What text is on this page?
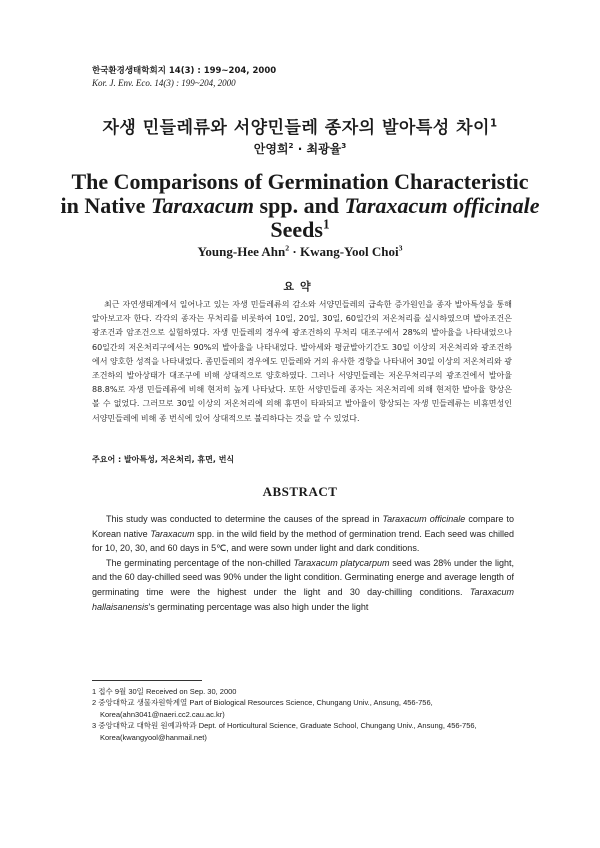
한국환경생태학회지 14(3) : 199~204, 2000
Kor. J. Env. Eco. 14(3) : 199~204, 2000
자생 민들레류와 서양민들레 종자의 발아특성 차이$^1$
안영희$^2$ · 최광율$^3$
The Comparisons of Germination Characteristic
in Native Taraxacum spp. and Taraxacum officinale
Seeds$^1$
Young-Hee Ahn$^2$ · Kwang-Yool Choi$^3$
요약
최근 자연생태계에서 일어나고 있는 자생 민들레류의 감소와 서양민들레의 급속한 증가원인을 종자 발아특성을 통해 알아보고자 한다. 각각의 종자는 무처리를 비롯하여 10일, 20일, 30일, 60일간의 저온처리를 실시하였으며 발아조건은 광조건과 암조건으로 실험하였다. 자생 민들레의 경우에 광조건하의 무처리 대조구에서 28%의 발아율을 나타내었으나 60일간의 저온처리구에서는 90%의 발아율을 나타내었다. 발아세와 평균발아기간도 30일 이상의 저온처리와 광조건하에서 양호한 성적을 나타내었다. 좀민들레의 경우에도 민들레와 거의 유사한 경향을 나타내어 30일 이상의 저온처리와 광조건하의 발아상태가 대조구에 비해 상대적으로 양호하였다. 그러나 서양민들레는 저온무처리구의 광조건에서 발아율 88.8%로 자생 민들레류에 비해 현저히 높게 나타났다. 또한 서양민들레 종자는 저온처리에 의해 현저한 발아율 향상은 볼 수 없었다. 그러므로 30일 이상의 저온처리에 의해 휴면이 타파되고 발아율이 향상되는 자생 민들레류는 비휴면성인 서양민들레에 비해 종 번식에 있어 상대적으로 불리하다는 것을 알 수 있었다.
주요어 : 발아특성, 저온처리, 휴면, 번식
ABSTRACT

This study was conducted to determine the causes of the spread in Taraxacum officinale compare to Korean native Taraxacum spp. in the wild field by the method of germination trend. Each seed was chilled for 10, 20, 30, and 60 days in 5℃, and were sown under light and dark conditions.

The germinating percentage of the non-chilled Taraxacum platycarpum seed was 28% under the light, and the 60 day-chilled seed was 90% under the light condition. Germinating energe and average length of germinating time were the highest under the light and 30 day-chilling conditions. Taraxacum hallaisanensis's germinating percentage was also high under the light

1 접수 9월 30일 Received on Sep. 30, 2000
2 중앙대학교 생물자원학계열 Part of Biological Resources Science, Chungang Univ., Ansung, 456-756, Korea(ahn3041@naeri.cc2.cau.ac.kr)
3 중앙대학교 대학원 원예과학과 Dept. of Horticultural Science, Graduate School, Chungang Univ., Ansung, 456-756, Korea(kwangyool@hanmail.net)
